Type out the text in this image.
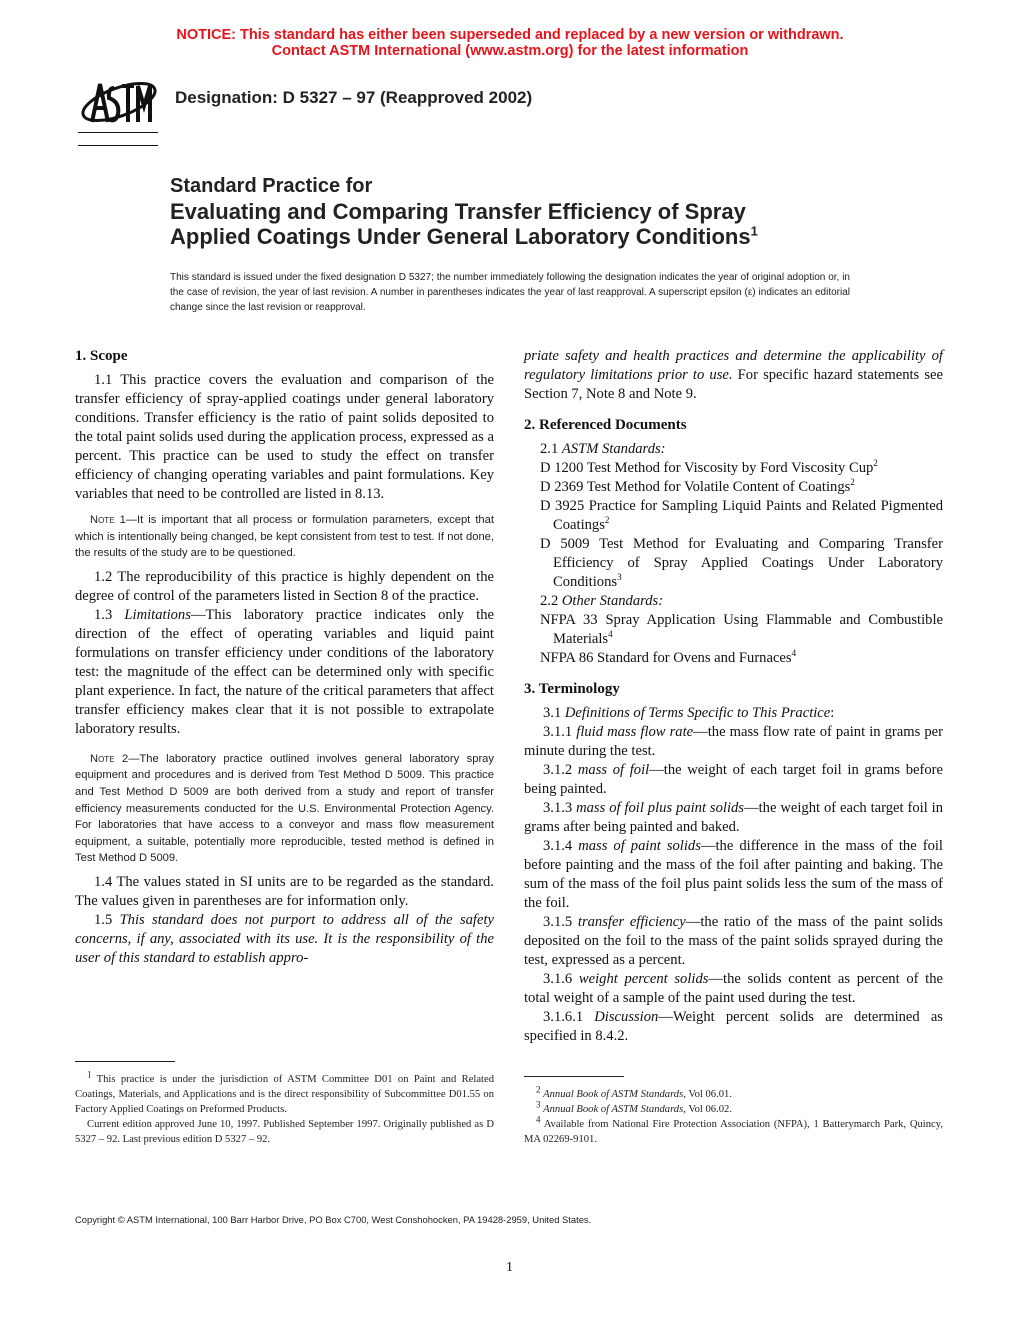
NOTICE: This standard has either been superseded and replaced by a new version or withdrawn.
Contact ASTM International (www.astm.org) for the latest information
Designation: D 5327 – 97 (Reapproved 2002)
Standard Practice for
Evaluating and Comparing Transfer Efficiency of Spray
Applied Coatings Under General Laboratory Conditions$^1$
This standard is issued under the fixed designation D 5327; the number immediately following the designation indicates the year of original adoption or, in the case of revision, the year of last revision. A number in parentheses indicates the year of last reapproval. A superscript epsilon (ε) indicates an editorial change since the last revision or reapproval.
1. Scope

1.1 This practice covers the evaluation and comparison of the transfer efficiency of spray-applied coatings under general laboratory conditions. Transfer efficiency is the ratio of paint solids deposited to the total paint solids used during the application process, expressed as a percent. This practice can be used to study the effect on transfer efficiency of changing operating variables and paint formulations. Key variables that need to be controlled are listed in 8.13.

Note 1—It is important that all process or formulation parameters, except that which is intentionally being changed, be kept consistent from test to test. If not done, the results of the study are to be questioned.

1.2 The reproducibility of this practice is highly dependent on the degree of control of the parameters listed in Section 8 of the practice.

1.3 Limitations—This laboratory practice indicates only the direction of the effect of operating variables and liquid paint formulations on transfer efficiency under conditions of the laboratory test: the magnitude of the effect can be determined only with specific plant experience. In fact, the nature of the critical parameters that affect transfer efficiency makes clear that it is not possible to extrapolate laboratory results.

Note 2—The laboratory practice outlined involves general laboratory spray equipment and procedures and is derived from Test Method D 5009. This practice and Test Method D 5009 are both derived from a study and report of transfer efficiency measurements conducted for the U.S. Environmental Protection Agency. For laboratories that have access to a conveyor and mass flow measurement equipment, a suitable, potentially more reproducible, tested method is defined in Test Method D 5009.

1.4 The values stated in SI units are to be regarded as the standard. The values given in parentheses are for information only.

1.5 This standard does not purport to address all of the safety concerns, if any, associated with its use. It is the responsibility of the user of this standard to establish appro-

$^1$ This practice is under the jurisdiction of ASTM Committee D01 on Paint and Related Coatings, Materials, and Applications and is the direct responsibility of Subcommittee D01.55 on Factory Applied Coatings on Preformed Products.

Current edition approved June 10, 1997. Published September 1997. Originally published as D 5327 – 92. Last previous edition D 5327 – 92.

priate safety and health practices and determine the applicability of regulatory limitations prior to use. For specific hazard statements see Section 7, Note 8 and Note 9.

2. Referenced Documents

2.1 ASTM Standards:

D 1200 Test Method for Viscosity by Ford Viscosity Cup$^2$

D 2369 Test Method for Volatile Content of Coatings$^2$

D 3925 Practice for Sampling Liquid Paints and Related Pigmented Coatings$^2$

D 5009 Test Method for Evaluating and Comparing Transfer Efficiency of Spray Applied Coatings Under Laboratory Conditions$^3$

2.2 Other Standards:

NFPA 33 Spray Application Using Flammable and Combustible Materials$^4$

NFPA 86 Standard for Ovens and Furnaces$^4$

3. Terminology

3.1 Definitions of Terms Specific to This Practice:

3.1.1 fluid mass flow rate—the mass flow rate of paint in grams per minute during the test.

3.1.2 mass of foil—the weight of each target foil in grams before being painted.

3.1.3 mass of foil plus paint solids—the weight of each target foil in grams after being painted and baked.

3.1.4 mass of paint solids—the difference in the mass of the foil before painting and the mass of the foil after painting and baking. The sum of the mass of the foil plus paint solids less the sum of the mass of the foil.

3.1.5 transfer efficiency—the ratio of the mass of the paint solids deposited on the foil to the mass of the paint solids sprayed during the test, expressed as a percent.

3.1.6 weight percent solids—the solids content as percent of the total weight of a sample of the paint used during the test.

3.1.6.1 Discussion—Weight percent solids are determined as specified in 8.4.2.

$^2$ Annual Book of ASTM Standards, Vol 06.01.

$^3$ Annual Book of ASTM Standards, Vol 06.02.

$^4$ Available from National Fire Protection Association (NFPA), 1 Batterymarch Park, Quincy, MA 02269-9101.

Copyright © ASTM International, 100 Barr Harbor Drive, PO Box C700, West Conshohocken, PA 19428-2959, United States.
1
